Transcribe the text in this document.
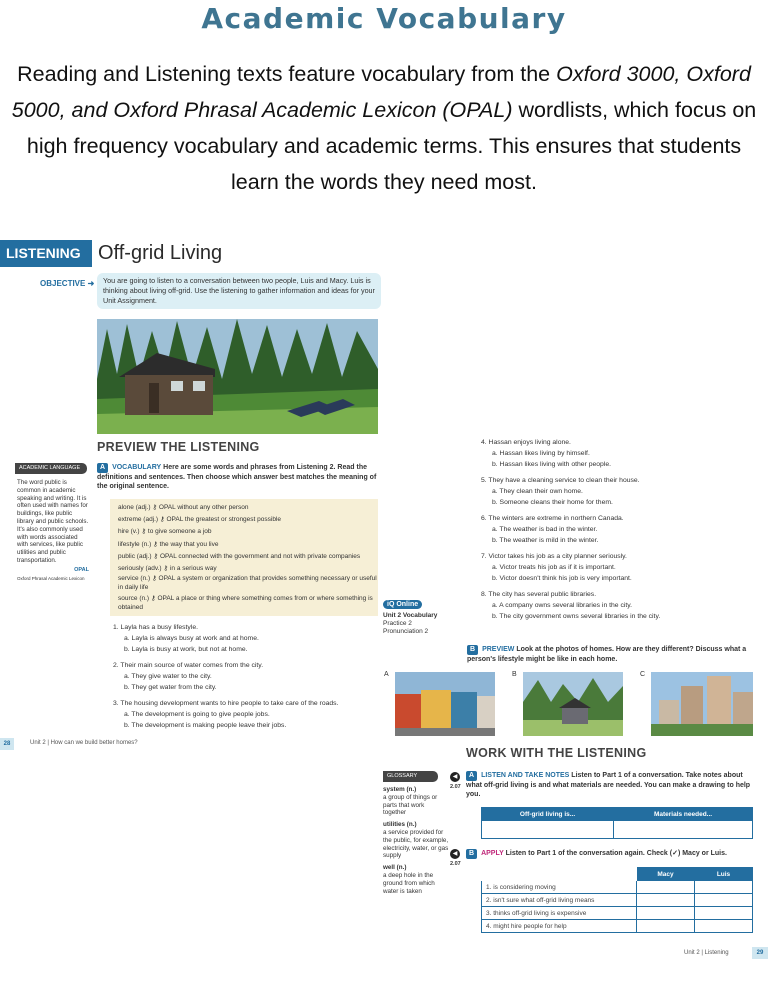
Academic Vocabulary
Reading and Listening texts feature vocabulary from the Oxford 3000, Oxford 5000, and Oxford Phrasal Academic Lexicon (OPAL) wordlists, which focus on high frequency vocabulary and academic terms. This ensures that students learn the words they need most.
LISTENING 2
Off-grid Living
OBJECTIVE ➜	You are going to listen to a conversation between two people, Luis and Macy. Luis is thinking about living off-grid. Use the listening to gather information and ideas for your Unit Assignment.
PREVIEW THE LISTENING
ACADEMIC LANGUAGE
The word public is common in academic speaking and writing. It is often used with names for buildings, like public library and public schools. It's also commonly used with words associated with services, like public utilities and public transportation.
OPAL
Oxford Phrasal Academic Lexicon
A VOCABULARY Here are some words and phrases from Listening 2. Read the definitions and sentences. Then choose which answer best matches the meaning of the original sentence.
alone (adj.) ⚷ OPAL without any other person
extreme (adj.) ⚷ OPAL the greatest or strongest possible
hire (v.) ⚷ to give someone a job
lifestyle (n.) ⚷ the way that you live
public (adj.) ⚷ OPAL connected with the government and not with private companies
seriously (adv.) ⚷ in a serious way
service (n.) ⚷ OPAL a system or organization that provides something necessary or useful in daily life
source (n.) ⚷ OPAL a place or thing where something comes from or where something is obtained
1. Layla has a busy lifestyle.
a. Layla is always busy at work and at home.
b. Layla is busy at work, but not at home.
2. Their main source of water comes from the city.
a. They give water to the city.
b. They get water from the city.
3. The housing development wants to hire people to take care of the roads.
a. The development is going to give people jobs.
b. The development is making people leave their jobs.
28	Unit 2 | How can we build better homes?
4. Hassan enjoys living alone.
a. Hassan likes living by himself.
b. Hassan likes living with other people.
5. They have a cleaning service to clean their house.
a. They clean their own home.
b. Someone cleans their home for them.
6. The winters are extreme in northern Canada.
a. The weather is bad in the winter.
b. The weather is mild in the winter.
7. Victor takes his job as a city planner seriously.
a. Victor treats his job as if it is important.
b. Victor doesn't think his job is very important.
8. The city has several public libraries.
a. A company owns several libraries in the city.
b. The city government owns several libraries in the city.
iQ Online
Unit 2 Vocabulary
Practice 2
Pronunciation 2
B PREVIEW Look at the photos of homes. How are they different? Discuss what a person's lifestyle might be like in each home.
A	B	C
WORK WITH THE LISTENING
GLOSSARY
system (n.)
a group of things or parts that work together
utilities (n.)
a service provided for the public, for example, electricity, water, or gas supply
well (n.)
a deep hole in the ground from which water is taken
◀
2.07
A LISTEN AND TAKE NOTES Listen to Part 1 of a conversation. Take notes about what off-grid living is and what materials are needed. You can make a drawing to help you.
Off-grid living is...	Materials needed...

◀
2.07
B APPLY Listen to Part 1 of the conversation again. Check (✓) Macy or Luis.
	Macy	Luis
1. is considering moving		
2. isn't sure what off-grid living means		
3. thinks off-grid living is expensive		
4. might hire people for help		
Unit 2 | Listening	29
